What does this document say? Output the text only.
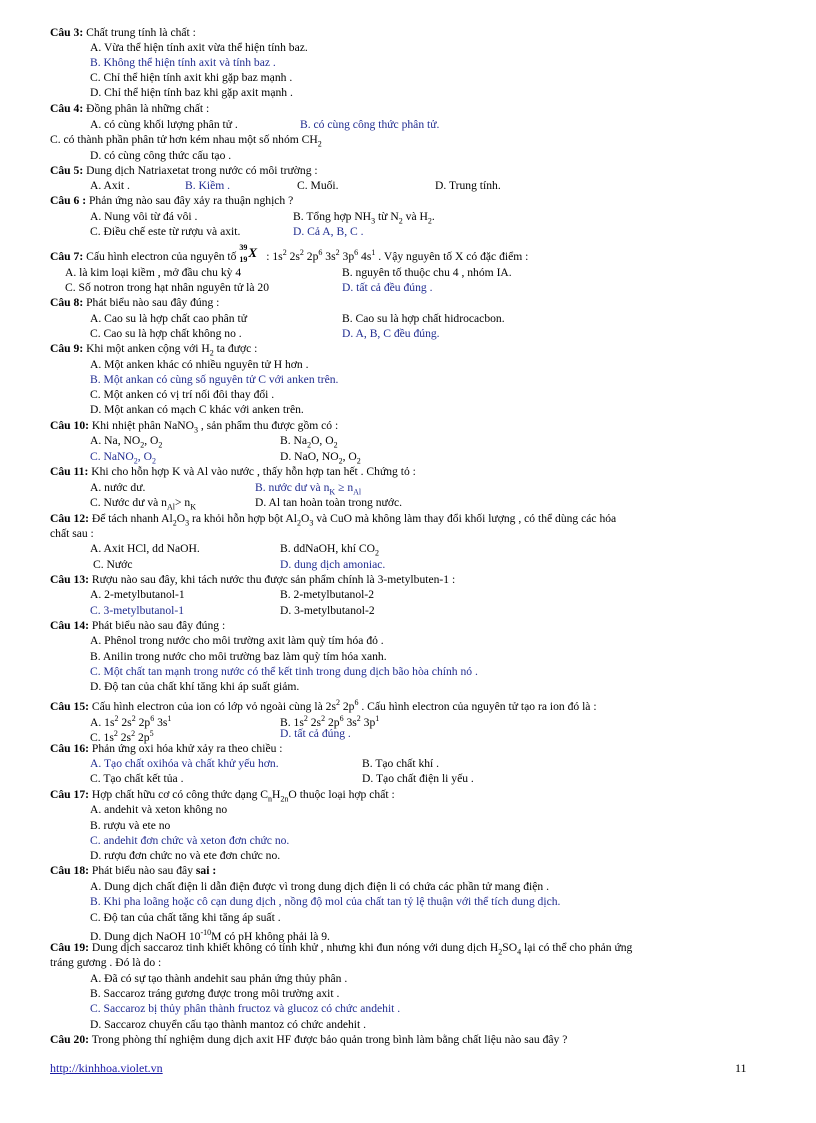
Câu 3: Chất trung tính là chất :
A. Vừa thể hiện tính axit vừa thể hiện tính baz.
B. Không thể hiện tính axit và tính baz .
C. Chỉ thể hiện tính axit khi gặp baz mạnh .
D. Chỉ thể hiện tính baz khi gặp axit mạnh .
Câu 4: Đồng phân là những chất :
A. có cùng khối lượng phân tử .	B. có cùng công thức phân tử.
C. có thành phần phân tử hơn kém nhau một số nhóm $CH_2$
D. có cùng công thức cấu tạo .
Câu 5: Dung dịch Natriaxetat trong nước có môi trường :
A. Axit .	B. Kiềm .	C. Muối.	D. Trung tính.
Câu 6 : Phản ứng nào sau đây xảy ra thuận nghịch ?
A. Nung vôi từ đá vôi .	B. Tổng hợp $NH_3$ từ $N_2$ và $H_2$.
C. Điều chế este từ rượu và axit.	D. Cả A, B, C .
Câu 7: Cấu hình electron của nguyên tố
39
19 X : $1s^2$ $2s^2$ $2p^6$ $3s^2$ $3p^6$ $4s^1$ . Vậy nguyên tố X có đặc điểm :
A. là kim loại kiềm , mở đầu chu kỳ 4	B. nguyên tố thuộc chu 4 , nhóm IA.
C. Số notron trong hạt nhân nguyên tử là 20	D. tất cả đều đúng .
Câu 8: Phát biểu nào sau đây đúng :
A. Cao su là hợp chất cao phân tử	B. Cao su là hợp chất hidrocacbon.
C. Cao su là hợp chất không no .	D. A, B, C đều đúng.
Câu 9: Khi một anken cộng với $H_2$ ta được :
A. Một anken khác có nhiều nguyên tử H hơn .
B. Một ankan có cùng số nguyên tử C với anken trên.
C. Một anken có vị trí nối đôi thay đổi .
D. Một ankan có mạch C khác với anken trên.
Câu 10: Khi nhiệt phân NaNO$_3$ , sản phẩm thu được gồm có :
A. Na, $NO_2$, $O_2$	B. $Na_2O$, $O_2$
C. NaNO$_2$, $O_2$	D. NaO, $NO_2$, $O_2$
Câu 11: Khi cho hỗn hợp K và Al vào nước , thấy hỗn hợp tan hết . Chứng tỏ :
A. nước dư.	B. nước dư và $n_K \ge n_{Al}$
C. Nước dư và $n_{Al}> n_K$	D. Al tan hoàn toàn trong nước.
Câu 12: Để tách nhanh $Al_2O_3$ ra khỏi hỗn hợp bột $Al_2O_3$ và CuO mà không làm thay đổi khối lượng , có thể dùng các hóa
chất sau :
A. Axit HCl, dd NaOH.	B. ddNaOH, khí $CO_2$
C. Nước	D. dung dịch amoniac.
Câu 13: Rượu nào sau đây, khi tách nước thu được sản phẩm chính là 3-metylbuten-1 :
A. 2-metylbutanol-1	B. 2-metylbutanol-2
C. 3-metylbutanol-1	D. 3-metylbutanol-2
Câu 14: Phát biểu nào sau đây đúng :
A. Phênol trong nước cho môi trường axit làm quỳ tím hóa đỏ .
B. Anilin trong nước cho môi trường baz làm quỳ tím hóa xanh.
C. Một chất tan mạnh trong nước có thể kết tinh trong dung dịch bão hòa chính nó .
D. Độ tan của chất khí tăng khi áp suất giảm.
Câu 15: Cấu hình electron của ion có lớp vỏ ngoài cùng là $2s^2$ $2p^6$ . Cấu hình electron của nguyên tử tạo ra ion đó là :
A. $1s^2$ $2s^2$ $2p^6$ $3s^1$	B. $1s^2$ $2s^2$ $2p^6$ $3s^2$ $3p^1$
C. $1s^2$ $2s^2$ $2p^5$	D. tất cả đúng .
Câu 16: Phản ứng oxi hóa khử xảy ra theo chiều :
A. Tạo chất oxihóa và chất khử yếu hơn.	B. Tạo chất khí .
C. Tạo chất kết tủa .	D. Tạo chất điện li yếu .
Câu 17: Hợp chất hữu cơ có công thức dạng $C_nH_{2n}O$ thuộc loại hợp chất :
A. andehit và xeton không no
B. rượu và ete no
C. andehit đơn chức và xeton đơn chức no.
D. rượu đơn chức no và ete đơn chức no.
Câu 18: Phát biểu nào sau đây sai :
A. Dung dịch chất điện li dẫn điện được vì trong dung dịch điện li có chứa các phần tử mang điện .
B. Khi pha loãng hoặc cô cạn dung dịch , nồng độ mol của chất tan tỷ lệ thuận với thể tích dung dịch.
C. Độ tan của chất tăng khi tăng áp suất .
D. Dung dịch NaOH $10^{-10}M$ có pH không phải là 9.
Câu 19: Dung dịch saccaroz tinh khiết không có tính khử , nhưng khi đun nóng với dung dịch $H_2SO_4$ lại có thể cho phản ứng
tráng gương . Đó là do :
A. Đã có sự tạo thành andehit sau phản ứng thủy phân .
B. Saccaroz tráng gương được trong môi trường axit .
C. Saccaroz bị thủy phân thành fructoz và glucoz có chức andehit .
D. Saccaroz chuyển cấu tạo thành mantoz có chức andehit .
Câu 20: Trong phòng thí nghiệm dung dịch axit HF được bảo quản trong bình làm bằng chất liệu nào sau đây ?
http://kinhhoa.violet.vn	11
